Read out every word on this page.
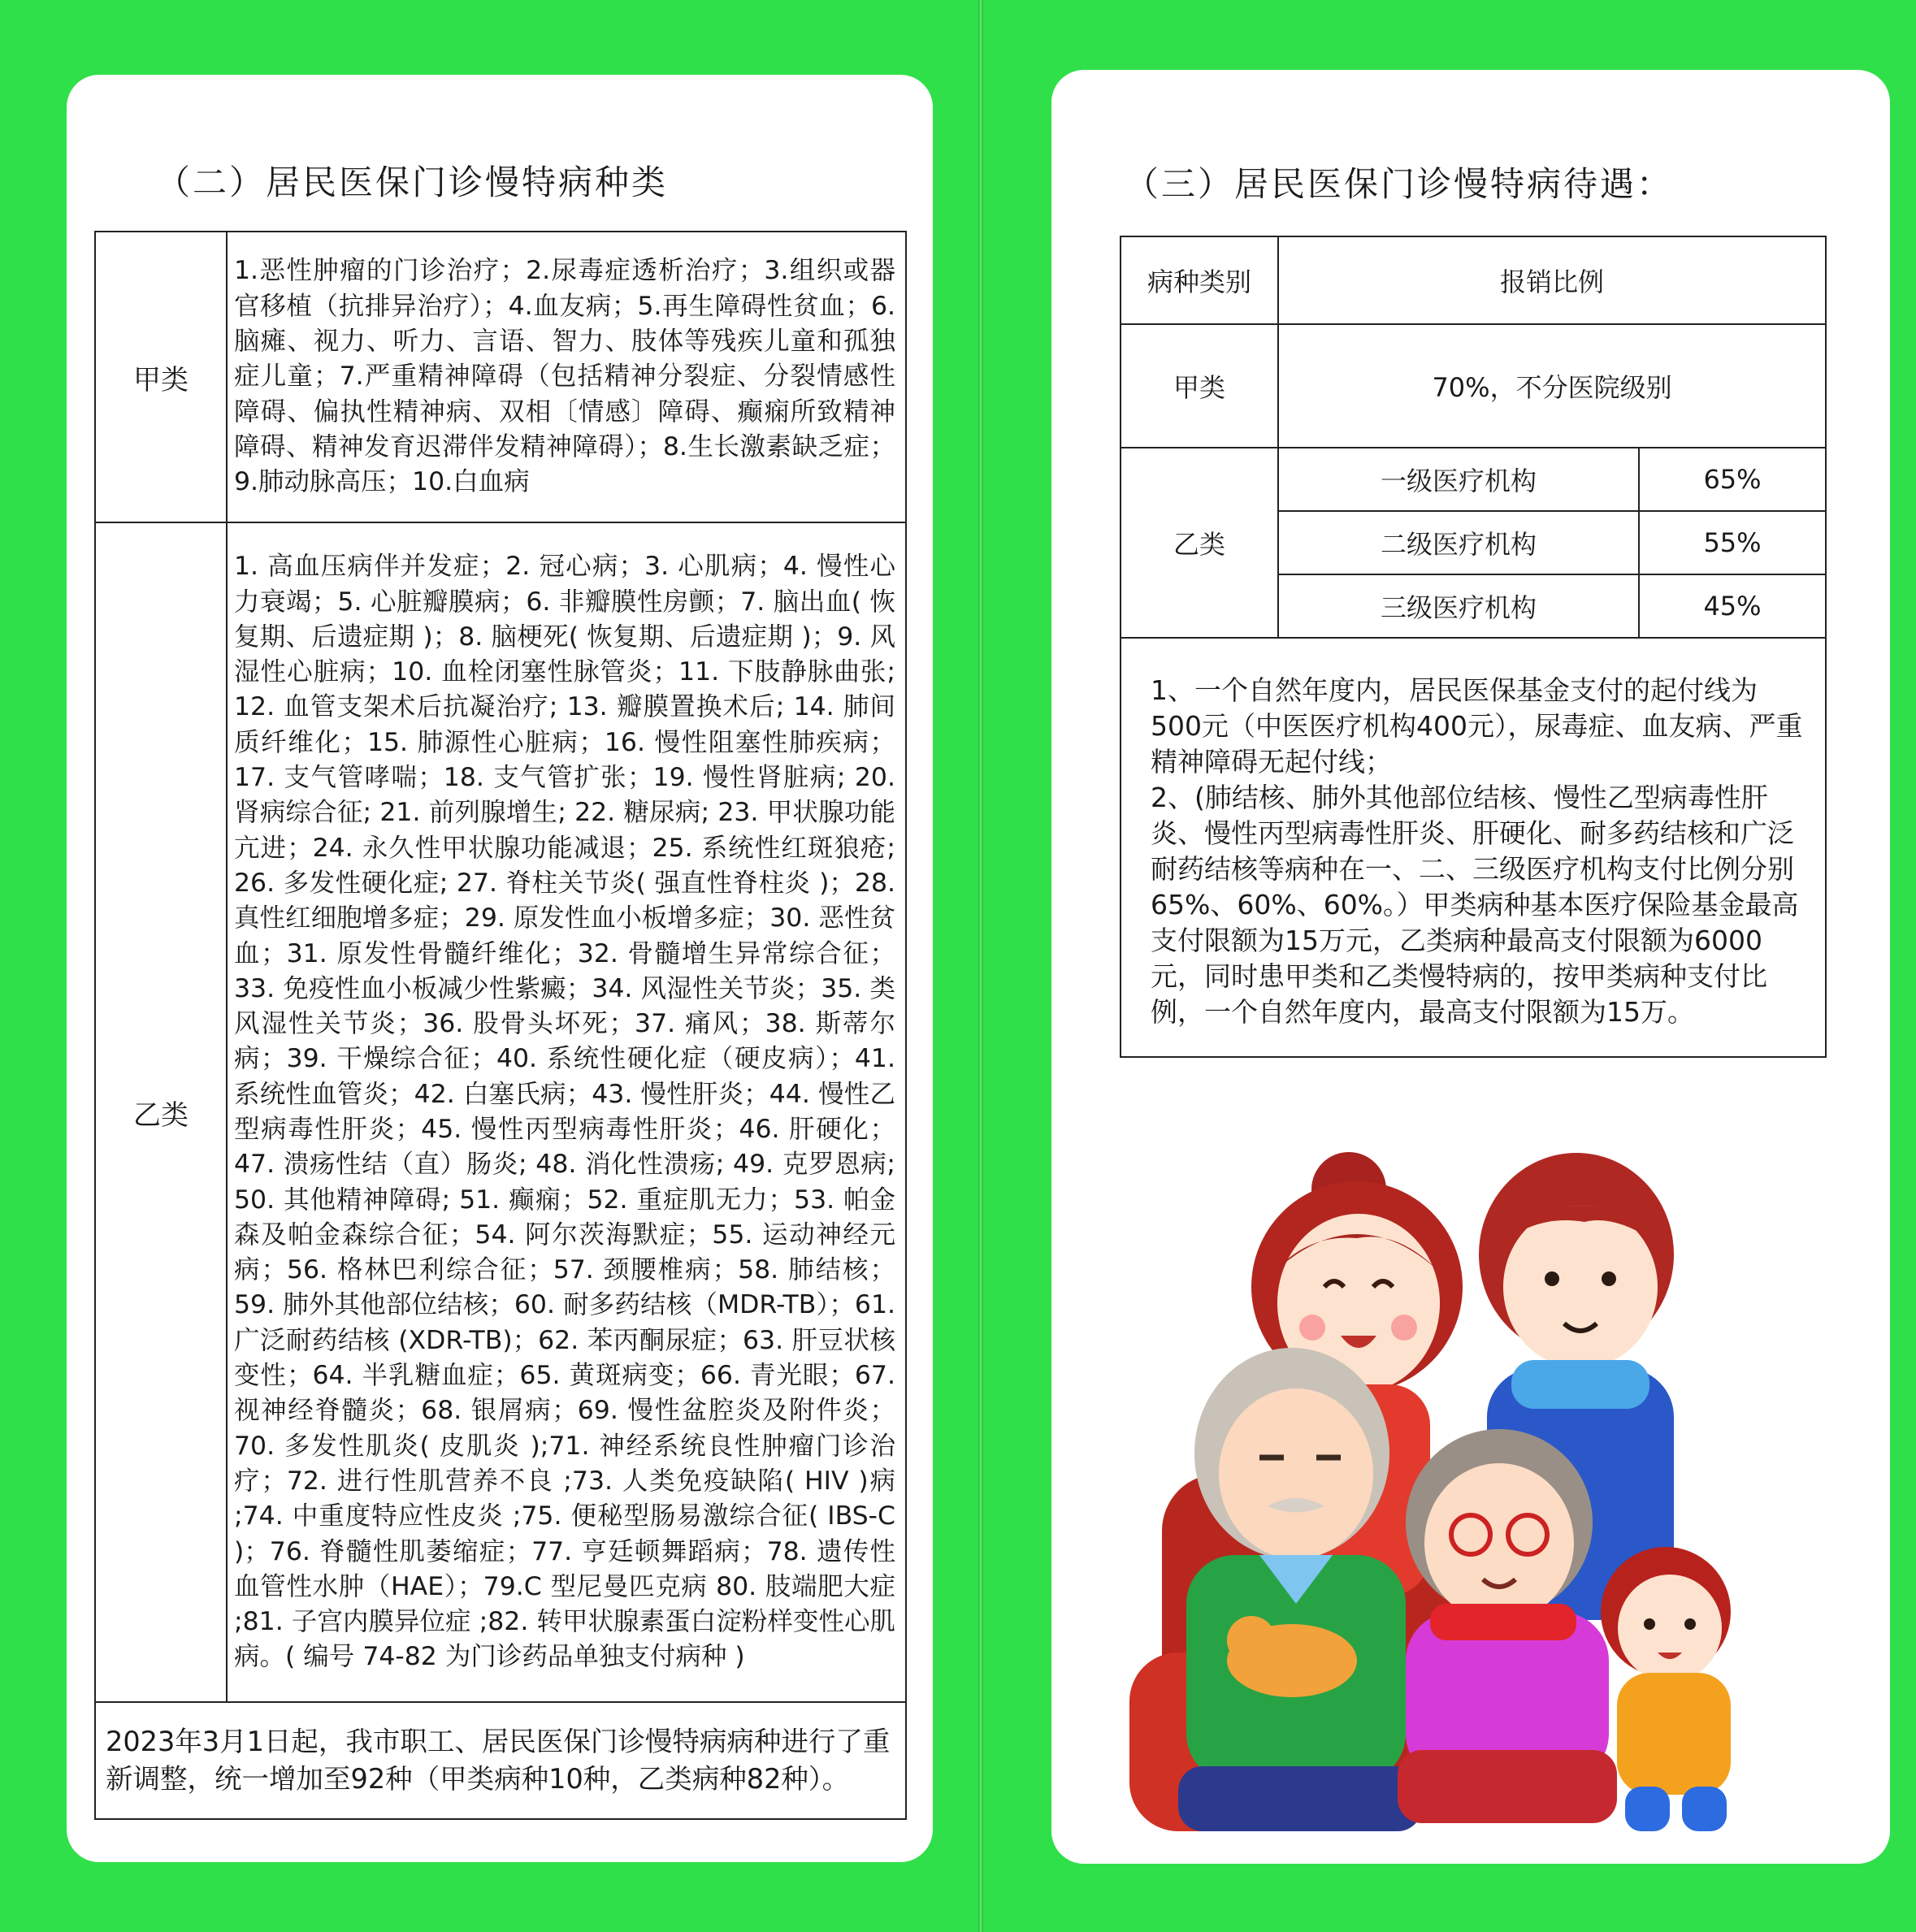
（二）居民医保门诊慢特病种类
甲类	1.恶性肿瘤的门诊治疗；2.尿毒症透析治疗；3.组织或器官移植（抗排异治疗）；4.血友病；5.再生障碍性贫血；6.脑瘫、视力、听力、言语、智力、肢体等残疾儿童和孤独症儿童；7.严重精神障碍（包括精神分裂症、分裂情感性障碍、偏执性精神病、双相〔情感〕障碍、癫痫所致精神障碍、精神发育迟滞伴发精神障碍）；8.生长激素缺乏症；9.肺动脉高压；10.白血病
乙类	1. 高血压病伴并发症；2. 冠心病；3. 心肌病；4. 慢性心力衰竭；5. 心脏瓣膜病；6. 非瓣膜性房颤；7. 脑出血( 恢复期、后遗症期 )；8. 脑梗死( 恢复期、后遗症期 )；9. 风湿性心脏病；10. 血栓闭塞性脉管炎；11. 下肢静脉曲张; 12. 血管支架术后抗凝治疗; 13. 瓣膜置换术后; 14. 肺间质纤维化；15. 肺源性心脏病；16. 慢性阻塞性肺疾病；17. 支气管哮喘；18. 支气管扩张；19. 慢性肾脏病; 20. 肾病综合征; 21. 前列腺增生; 22. 糖尿病; 23. 甲状腺功能亢进；24. 永久性甲状腺功能减退；25. 系统性红斑狼疮; 26. 多发性硬化症; 27. 脊柱关节炎( 强直性脊柱炎 )；28. 真性红细胞增多症；29. 原发性血小板增多症；30. 恶性贫血；31. 原发性骨髓纤维化；32. 骨髓增生异常综合征；33. 免疫性血小板减少性紫癜；34. 风湿性关节炎；35. 类风湿性关节炎；36. 股骨头坏死；37. 痛风；38. 斯蒂尔病；39. 干燥综合征；40. 系统性硬化症（硬皮病）；41. 系统性血管炎；42. 白塞氏病；43. 慢性肝炎；44. 慢性乙型病毒性肝炎；45. 慢性丙型病毒性肝炎；46. 肝硬化；47. 溃疡性结（直）肠炎; 48. 消化性溃疡; 49. 克罗恩病; 50. 其他精神障碍; 51. 癫痫；52. 重症肌无力；53. 帕金森及帕金森综合征；54. 阿尔茨海默症；55. 运动神经元病；56. 格林巴利综合征；57. 颈腰椎病；58. 肺结核；59. 肺外其他部位结核；60. 耐多药结核（MDR-TB）；61. 广泛耐药结核 (XDR-TB)；62. 苯丙酮尿症；63. 肝豆状核变性；64. 半乳糖血症；65. 黄斑病变；66. 青光眼；67. 视神经脊髓炎；68. 银屑病；69. 慢性盆腔炎及附件炎；70. 多发性肌炎( 皮肌炎 );71. 神经系统良性肿瘤门诊治疗；72. 进行性肌营养不良 ;73. 人类免疫缺陷( HIV )病 ;74. 中重度特应性皮炎 ;75. 便秘型肠易激综合征( IBS-C )；76. 脊髓性肌萎缩症；77. 亨廷顿舞蹈病；78. 遗传性血管性水肿（HAE）；79.C 型尼曼匹克病 80. 肢端肥大症 ;81. 子宫内膜异位症 ;82. 转甲状腺素蛋白淀粉样变性心肌病。( 编号 74-82 为门诊药品单独支付病种 )
2023年3月1日起，我市职工、居民医保门诊慢特病病种进行了重新调整，统一增加至92种（甲类病种10种，乙类病种82种）。	
（三）居民医保门诊慢特病待遇：
病种类别	报销比例	
甲类	70%，不分医院级别	
乙类	一级医疗机构	65%
	二级医疗机构	55%
	三级医疗机构	45%

1、一个自然年度内，居民医保基金支付的起付线为500元（中医医疗机构400元），尿毒症、血友病、严重精神障碍无起付线；

2、(肺结核、肺外其他部位结核、慢性乙型病毒性肝炎、慢性丙型病毒性肝炎、肝硬化、耐多药结核和广泛耐药结核等病种在一、二、三级医疗机构支付比例分别65%、60%、60%。）甲类病种基本医疗保险基金最高支付限额为15万元，乙类病种最高支付限额为6000元，同时患甲类和乙类慢特病的，按甲类病种支付比例，一个自然年度内，最高支付限额为15万。		
